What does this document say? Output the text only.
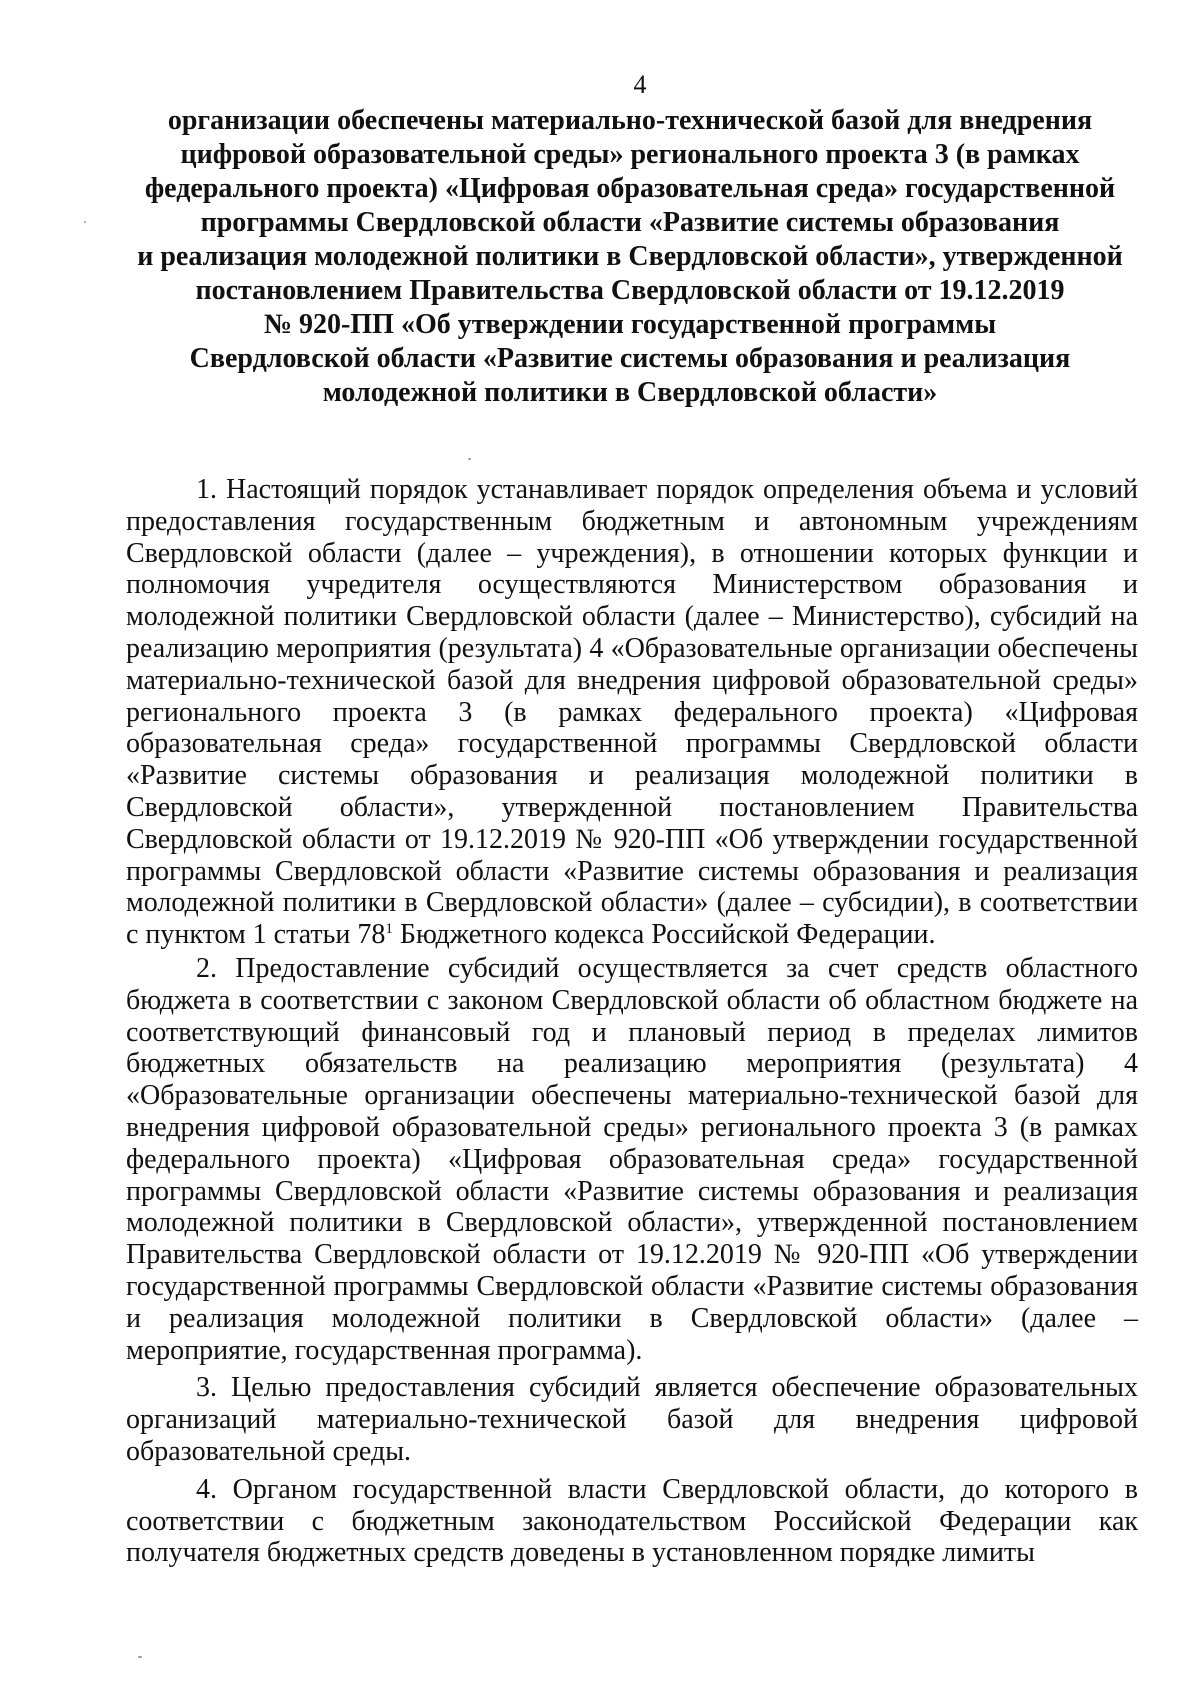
4
организации обеспечены материально-технической базой для внедрения
цифровой образовательной среды» регионального проекта 3 (в рамках
федерального проекта) «Цифровая образовательная среда» государственной
программы Свердловской области «Развитие системы образования
и реализация молодежной политики в Свердловской области», утвержденной
постановлением Правительства Свердловской области от 19.12.2019
№ 920-ПП «Об утверждении государственной программы
Свердловской области «Развитие системы образования и реализация
молодежной политики в Свердловской области»

1. Настоящий порядок устанавливает порядок определения объема и условий предоставления государственным бюджетным и автономным учреждениям Свердловской области (далее – учреждения), в отношении которых функции и полномочия учредителя осуществляются Министерством образования и молодежной политики Свердловской области (далее – Министерство), субсидий на реализацию мероприятия (результата) 4 «Образовательные организации обеспечены материально-технической базой для внедрения цифровой образовательной среды» регионального проекта 3 (в рамках федерального проекта) «Цифровая образовательная среда» государственной программы Свердловской области «Развитие системы образования и реализация молодежной политики в Свердловской области», утвержденной постановлением Правительства Свердловской области от 19.12.2019 № 920-ПП «Об утверждении государственной программы Свердловской области «Развитие системы образования и реализация молодежной политики в Свердловской области» (далее – субсидии), в соответствии с пунктом 1 статьи $78^1$ Бюджетного кодекса Российской Федерации.

2. Предоставление субсидий осуществляется за счет средств областного бюджета в соответствии с законом Свердловской области об областном бюджете на соответствующий финансовый год и плановый период в пределах лимитов бюджетных обязательств на реализацию мероприятия (результата) 4 «Образовательные организации обеспечены материально-технической базой для внедрения цифровой образовательной среды» регионального проекта 3 (в рамках федерального проекта) «Цифровая образовательная среда» государственной программы Свердловской области «Развитие системы образования и реализация молодежной политики в Свердловской области», утвержденной постановлением Правительства Свердловской области от 19.12.2019 № 920-ПП «Об утверждении государственной программы Свердловской области «Развитие системы образования и реализация молодежной политики в Свердловской области» (далее – мероприятие, государственная программа).

3. Целью предоставления субсидий является обеспечение образовательных организаций материально-технической базой для внедрения цифровой образовательной среды.

4. Органом государственной власти Свердловской области, до которого в соответствии с бюджетным законодательством Российской Федерации как получателя бюджетных средств доведены в установленном порядке лимиты
